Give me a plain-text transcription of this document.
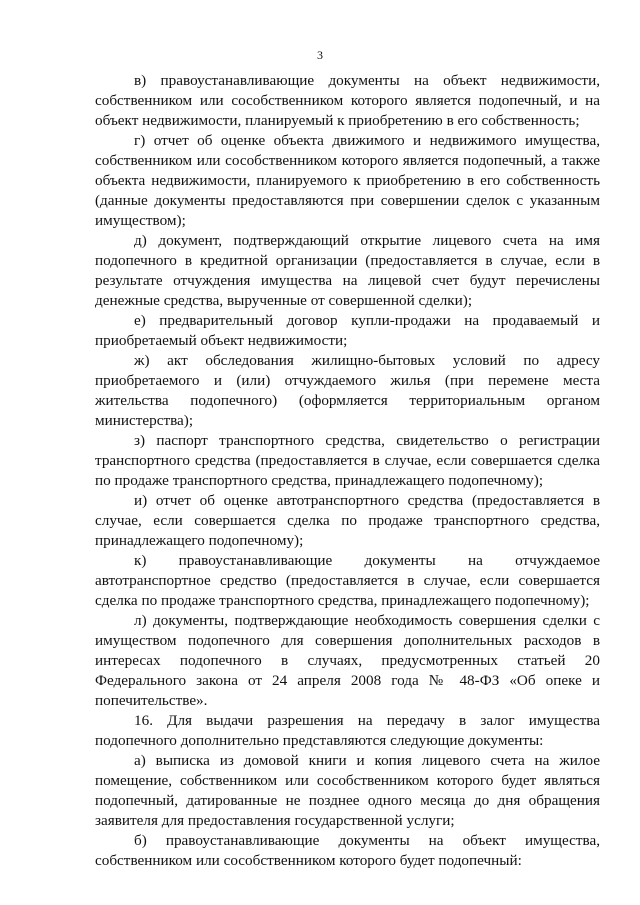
3

в) правоустанавливающие документы на объект недвижимости,
собственником или сособственником которого является подопечный, и на
объект недвижимости, планируемый к приобретению в его собственность;

г) отчет об оценке объекта движимого и недвижимого имущества,
собственником или сособственником которого является подопечный, а также
объекта недвижимости, планируемого к приобретению в его собственность
(данные документы предоставляются при совершении сделок с указанным
имуществом);

д) документ, подтверждающий открытие лицевого счета на имя
подопечного в кредитной организации (предоставляется в случае, если в
результате отчуждения имущества на лицевой счет будут перечислены
денежные средства, вырученные от совершенной сделки);

е) предварительный договор купли-продажи на продаваемый и
приобретаемый объект недвижимости;

ж) акт обследования жилищно-бытовых условий по адресу
приобретаемого и (или) отчуждаемого жилья (при перемене места
жительства подопечного) (оформляется территориальным органом
министерства);

з) паспорт транспортного средства, свидетельство о регистрации
транспортного средства (предоставляется в случае, если совершается сделка
по продаже транспортного средства, принадлежащего подопечному);

и) отчет об оценке автотранспортного средства (предоставляется в
случае, если совершается сделка по продаже транспортного средства,
принадлежащего подопечному);

к) правоустанавливающие документы на отчуждаемое
автотранспортное средство (предоставляется в случае, если совершается
сделка по продаже транспортного средства, принадлежащего подопечному);

л) документы, подтверждающие необходимость совершения сделки с
имуществом подопечного для совершения дополнительных расходов в
интересах подопечного в случаях, предусмотренных статьей 20
Федерального закона от 24 апреля 2008 года № 48-ФЗ «Об опеке и
попечительстве».

16. Для выдачи разрешения на передачу в залог имущества
подопечного дополнительно представляются следующие документы:

а) выписка из домовой книги и копия лицевого счета на жилое
помещение, собственником или сособственником которого будет являться
подопечный, датированные не позднее одного месяца до дня обращения
заявителя для предоставления государственной услуги;

б) правоустанавливающие документы на объект имущества,
собственником или сособственником которого будет подопечный:
